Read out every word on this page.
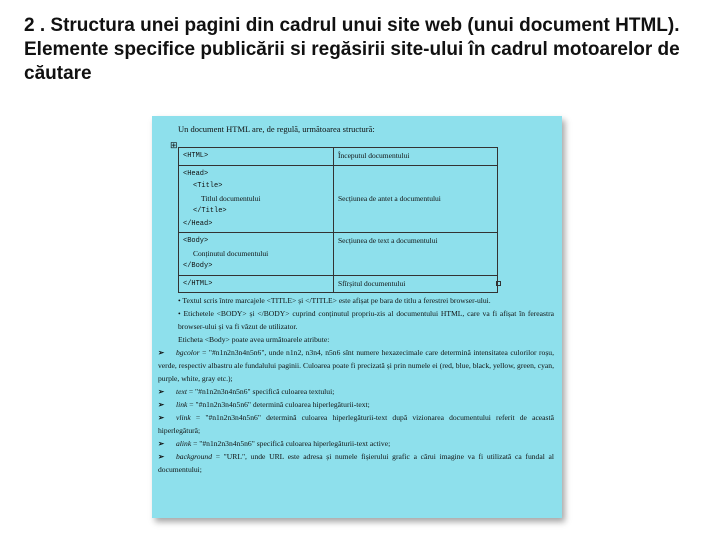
2 . Structura unei pagini din cadrul unui site web (unui document HTML). Elemente specifice publicării si regăsirii site-ului în cadrul motoarelor de căutare
Un document HTML are, de regulă, următoarea structură:
⊞
<HTML>	Începutul documentului

<Head>
<Title>
Titlul documentului
</Title>
</Head>	Secțiunea de antet a documentului

<Body>
Conținutul documentului
</Body>	Secțiunea de text a documentului

</HTML>	Sfîrșitul documentului

• Textul scris între marcajele <TITLE> și </TITLE> este afișat pe bara de titlu a ferestrei browser-ului.

• Etichetele <BODY> și </BODY> cuprind conținutul propriu-zis al documentului HTML, care va fi afișat în fereastra browser-ului și va fi văzut de utilizator.

Eticheta <Body> poate avea următoarele atribute:

➢ bgcolor = "#n1n2n3n4n5n6", unde n1n2, n3n4, n5n6 sînt numere hexazecimale care determină intensitatea culorilor roșu, verde, respectiv albastru ale fundalului paginii. Culoarea poate fi precizată și prin numele ei (red, blue, black, yellow, green, cyan, purple, white, gray etc.);

➢ text = "#n1n2n3n4n5n6" specifică culoarea textului;

➢ link = "#n1n2n3n4n5n6" determină culoarea hiperlegăturii-text;

➢ vlink = "#n1n2n3n4n5n6" determină culoarea hiperlegăturii-text după vizionarea documentului referit de această hiperlegătură;

➢ alink = "#n1n2n3n4n5n6" specifică culoarea hiperlegăturii-text active;

➢ background = "URL", unde URL este adresa și numele fișierului grafic a cărui imagine va fi utilizată ca fundal al documentului;
